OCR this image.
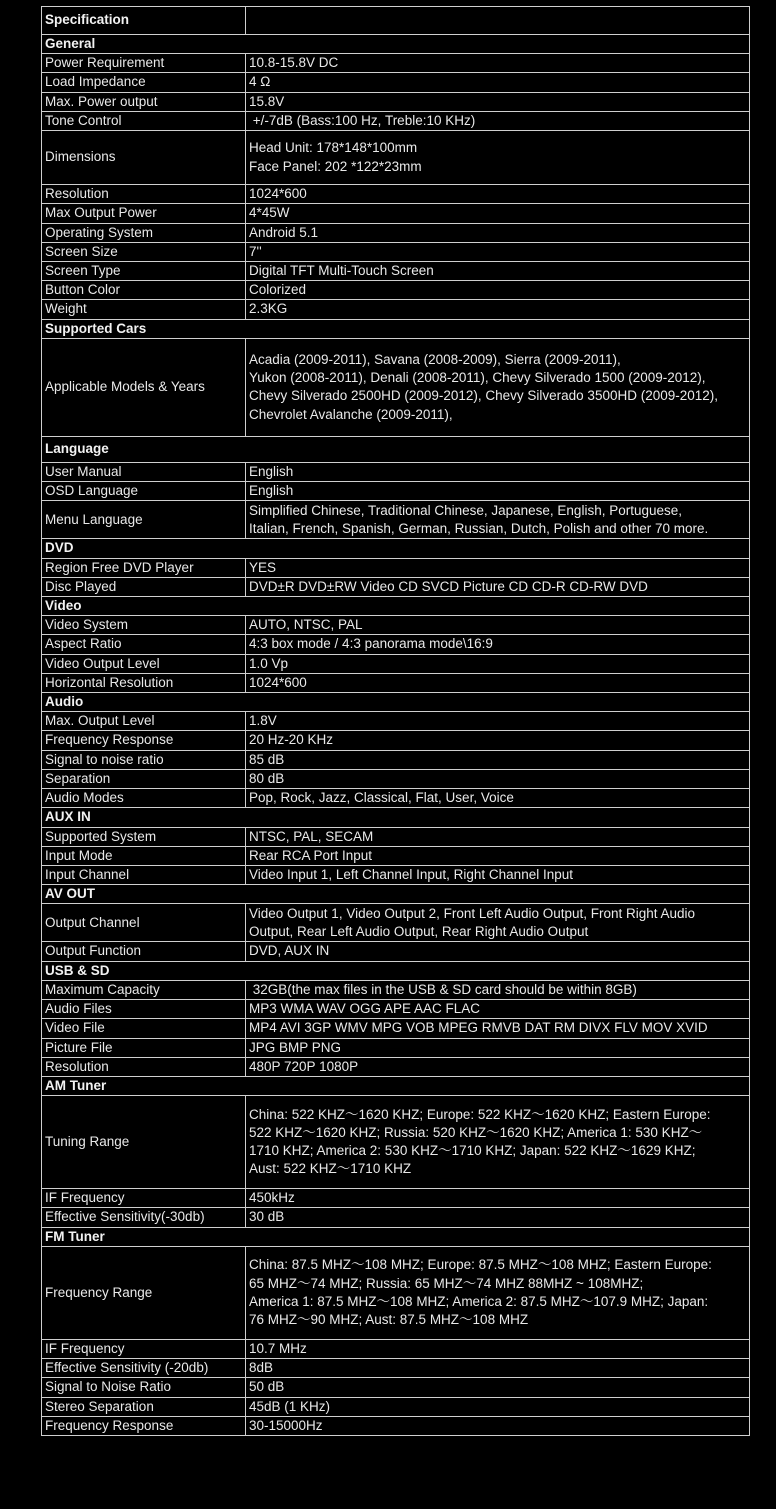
Specification	
General	
Power Requirement	10.8-15.8V DC
Load Impedance	4 Ω
Max. Power output	15.8V
Tone Control	+/-7dB (Bass:100 Hz, Treble:10 KHz)
Dimensions	Head Unit: 178*148*100mm
Face Panel: 202 *122*23mm

Resolution	1024*600
Max Output Power	4*45W
Operating System	Android 5.1
Screen Size	7''
Screen Type	Digital TFT Multi-Touch Screen
Button Color	Colorized
Weight	2.3KG
Supported Cars	
Applicable Models & Years	Acadia (2009-2011), Savana (2008-2009), Sierra (2009-2011),
Yukon (2008-2011), Denali (2008-2011), Chevy Silverado 1500 (2009-2012),
Chevy Silverado 2500HD (2009-2012), Chevy Silverado 3500HD (2009-2012),
Chevrolet Avalanche (2009-2011),

Language	
User Manual	English
OSD Language	English
Menu Language	Simplified Chinese, Traditional Chinese, Japanese, English, Portuguese,
Italian, French, Spanish, German, Russian, Dutch, Polish and other 70 more.

DVD	
Region Free DVD Player	YES
Disc Played	DVD±R DVD±RW Video CD SVCD Picture CD CD-R CD-RW DVD
Video	
Video System	AUTO, NTSC, PAL
Aspect Ratio	4:3 box mode / 4:3 panorama mode\16:9
Video Output Level	1.0 Vp
Horizontal Resolution	1024*600
Audio	
Max. Output Level	1.8V
Frequency Response	20 Hz-20 KHz
Signal to noise ratio	85 dB
Separation	80 dB
Audio Modes	Pop, Rock, Jazz, Classical, Flat, User, Voice
AUX IN	
Supported System	NTSC, PAL, SECAM
Input Mode	Rear RCA Port Input
Input Channel	Video Input 1, Left Channel Input, Right Channel Input
AV OUT	
Output Channel	Video Output 1, Video Output 2, Front Left Audio Output, Front Right Audio
Output, Rear Left Audio Output, Rear Right Audio Output

Output Function	DVD, AUX IN
USB & SD	
Maximum Capacity	32GB(the max files in the USB & SD card should be within 8GB)
Audio Files	MP3 WMA WAV OGG APE AAC FLAC
Video File	MP4 AVI 3GP WMV MPG VOB MPEG RMVB DAT RM DIVX FLV MOV XVID
Picture File	JPG BMP PNG
Resolution	480P 720P 1080P
AM Tuner	
Tuning Range	China: 522 KHZ～1620 KHZ; Europe: 522 KHZ～1620 KHZ; Eastern Europe:
522 KHZ～1620 KHZ; Russia: 520 KHZ～1620 KHZ; America 1: 530 KHZ～
1710 KHZ; America 2: 530 KHZ～1710 KHZ; Japan: 522 KHZ～1629 KHZ;
Aust: 522 KHZ～1710 KHZ

IF Frequency	450kHz
Effective Sensitivity(-30db)	30 dB
FM Tuner	
Frequency Range	China: 87.5 MHZ～108 MHZ; Europe: 87.5 MHZ～108 MHZ; Eastern Europe:
65 MHZ～74 MHZ; Russia: 65 MHZ～74 MHZ 88MHZ ~ 108MHZ;
America 1: 87.5 MHZ～108 MHZ; America 2: 87.5 MHZ～107.9 MHZ; Japan:
76 MHZ～90 MHZ; Aust: 87.5 MHZ～108 MHZ

IF Frequency	10.7 MHz
Effective Sensitivity (-20db)	8dB
Signal to Noise Ratio	50 dB
Stereo Separation	45dB (1 KHz)
Frequency Response	30-15000Hz
